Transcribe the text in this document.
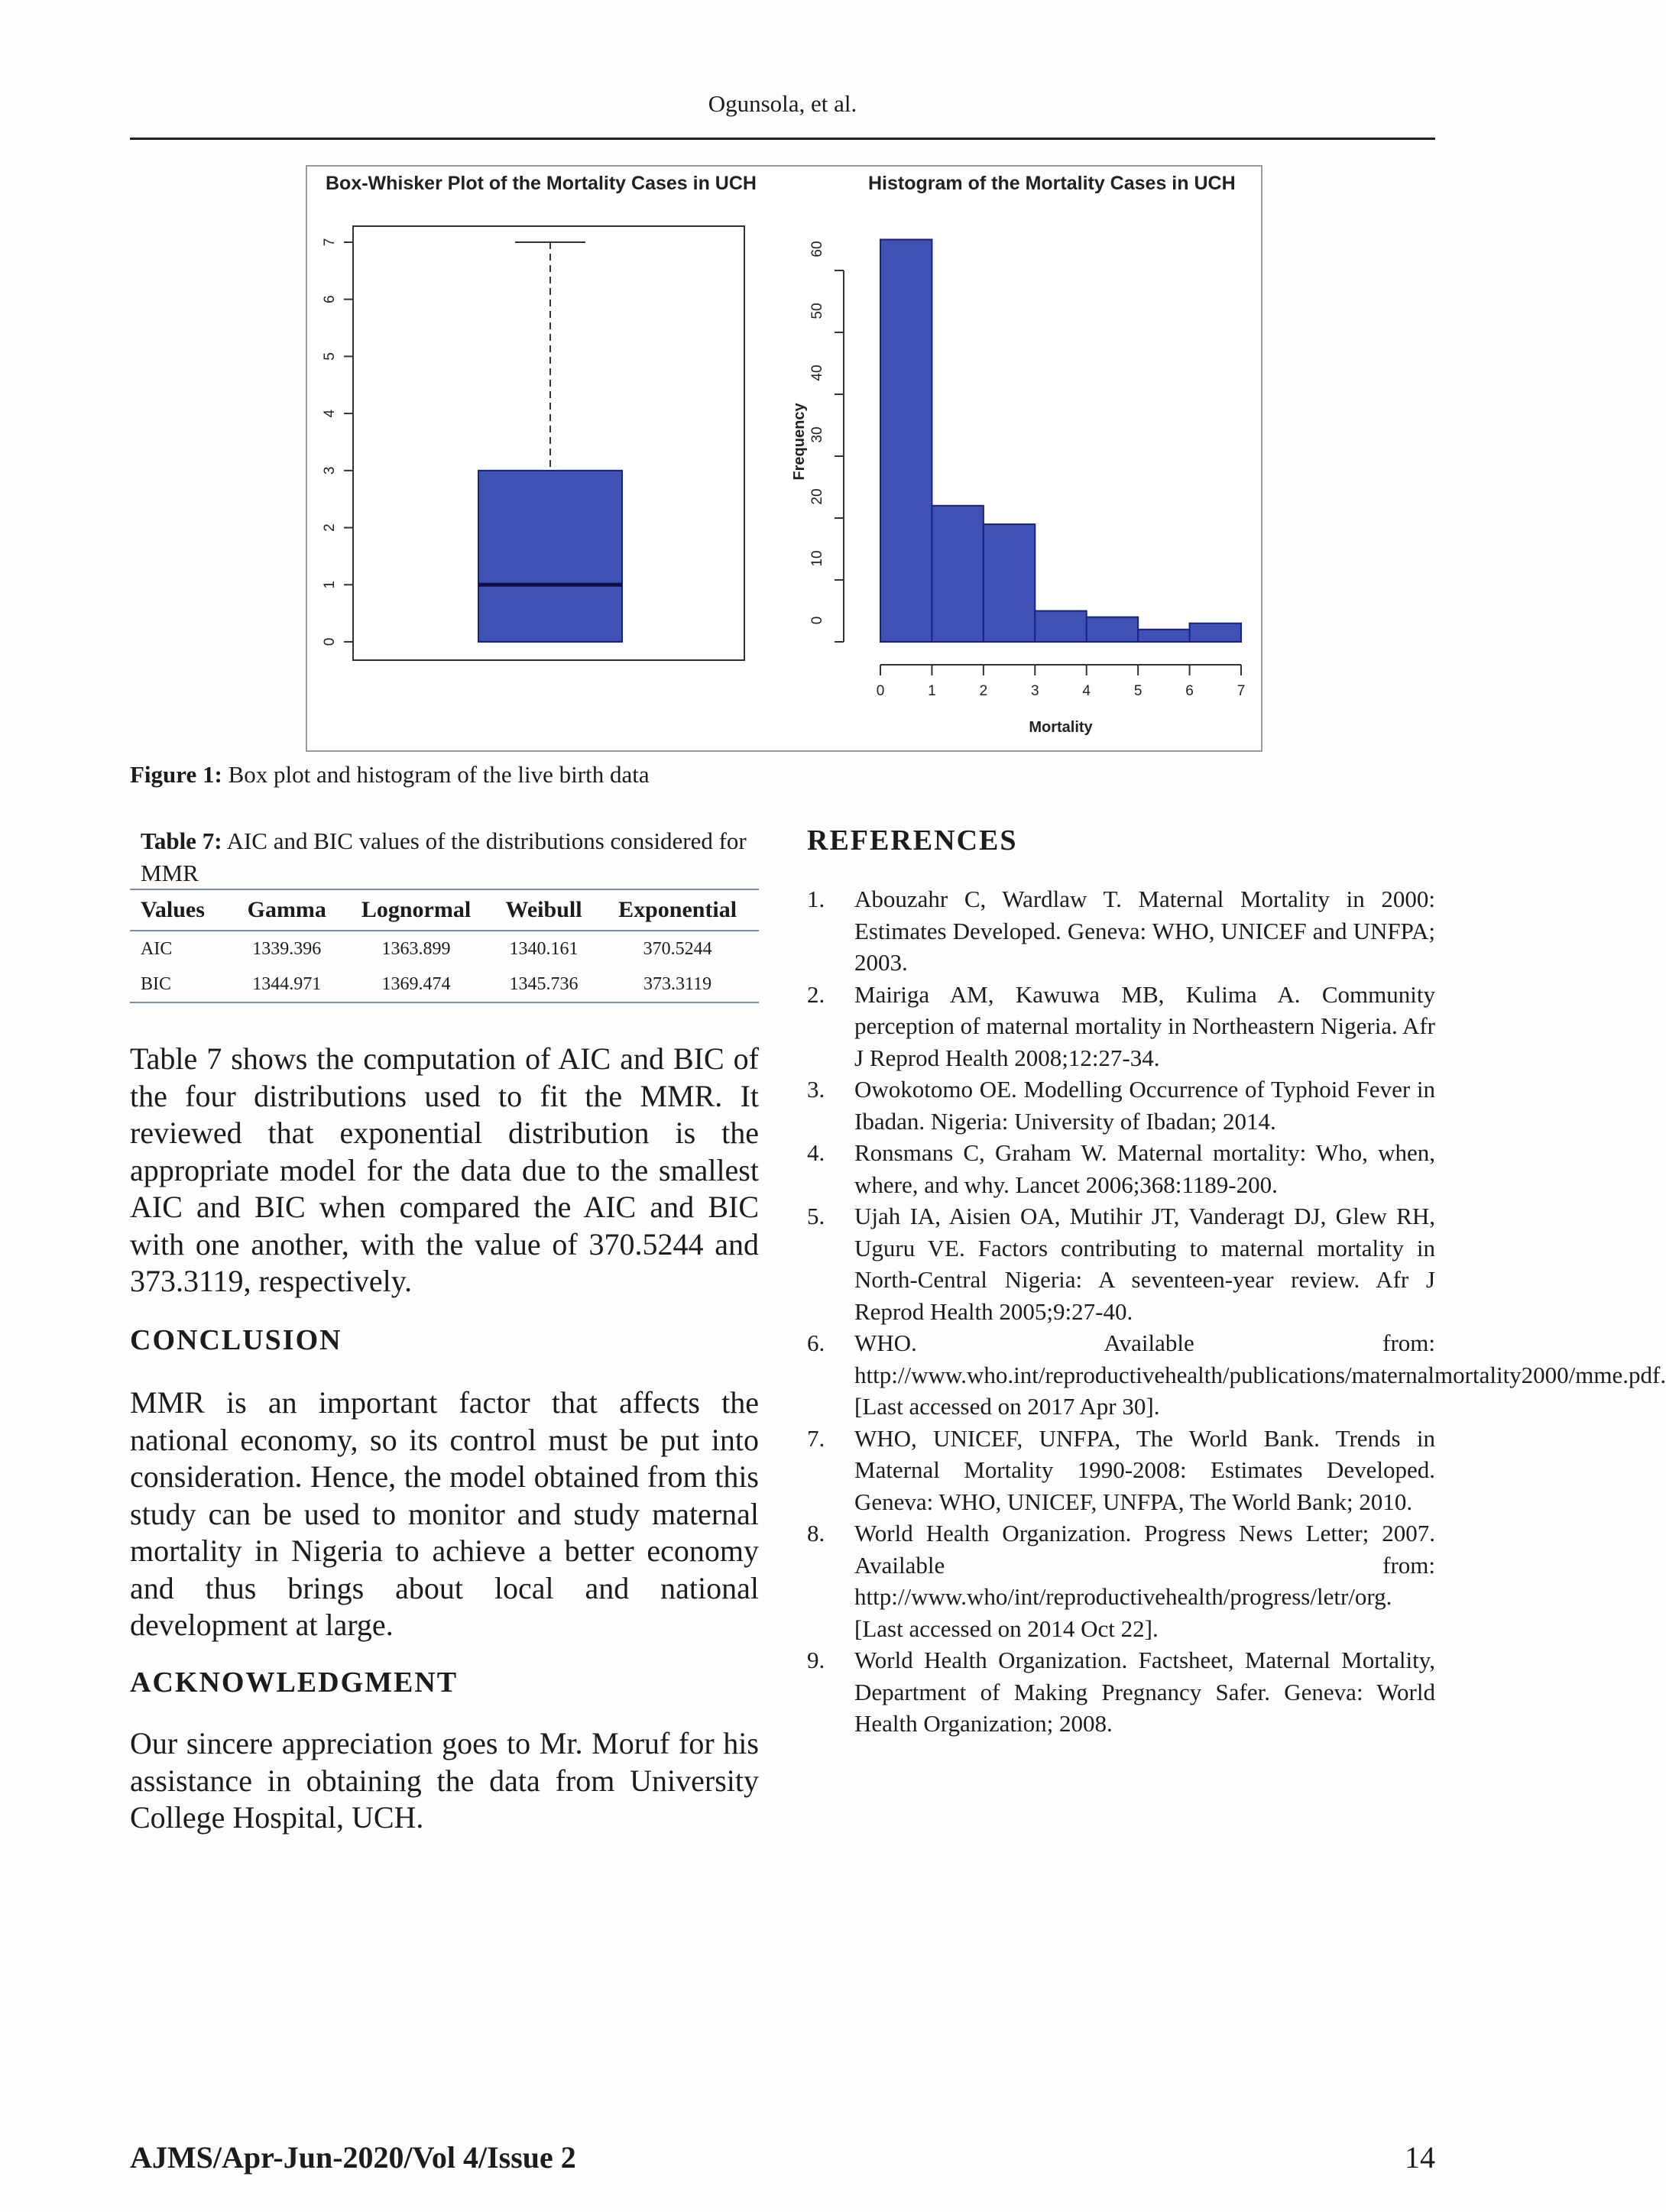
Ogunsola, et al.
Box-Whisker Plot of the Mortality Cases in UCH
0
1
2
3
4
5
6
7
Histogram of the Mortality Cases in UCH
0
10
20
30
40
50
60
Frequency
0	1	2	3	4	5	6	7
Mortality
Figure 1: Box plot and histogram of the live birth data
Table 7: AIC and BIC values of the distributions considered for MMR
Values	Gamma	Lognormal	Weibull	Exponential
AIC	1339.396	1363.899	1340.161	370.5244
BIC	1344.971	1369.474	1345.736	373.3119

Table 7 shows the computation of AIC and BIC of the four distributions used to fit the MMR. It reviewed that exponential distribution is the appropriate model for the data due to the smallest AIC and BIC when compared the AIC and BIC with one another, with the value of 370.5244 and 373.3119, respectively.

CONCLUSION

MMR is an important factor that affects the national economy, so its control must be put into consideration. Hence, the model obtained from this study can be used to monitor and study maternal mortality in Nigeria to achieve a better economy and thus brings about local and national development at large.

ACKNOWLEDGMENT

Our sincere appreciation goes to Mr. Moruf for his assistance in obtaining the data from University College Hospital, UCH.

REFERENCES
1. Abouzahr C, Wardlaw T. Maternal Mortality in 2000: Estimates Developed. Geneva: WHO, UNICEF and UNFPA; 2003.
2. Mairiga AM, Kawuwa MB, Kulima A. Community perception of maternal mortality in Northeastern Nigeria. Afr J Reprod Health 2008;12:27-34.
3. Owokotomo OE. Modelling Occurrence of Typhoid Fever in Ibadan. Nigeria: University of Ibadan; 2014.
4. Ronsmans C, Graham W. Maternal mortality: Who, when, where, and why. Lancet 2006;368:1189-200.
5. Ujah IA, Aisien OA, Mutihir JT, Vanderagt DJ, Glew RH, Uguru VE. Factors contributing to maternal mortality in North-Central Nigeria: A seventeen-year review. Afr J Reprod Health 2005;9:27-40.
6. WHO. Available from: http://www.who.int/reproductivehealth/publications/maternalmortality2000/mme.pdf. [Last accessed on 2017 Apr 30].
7. WHO, UNICEF, UNFPA, The World Bank. Trends in Maternal Mortality 1990-2008: Estimates Developed. Geneva: WHO, UNICEF, UNFPA, The World Bank; 2010.
8. World Health Organization. Progress News Letter; 2007. Available from: http://www.who/int/reproductivehealth/progress/letr/org. [Last accessed on 2014 Oct 22].
9. World Health Organization. Factsheet, Maternal Mortality, Department of Making Pregnancy Safer. Geneva: World Health Organization; 2008.
AJMS/Apr-Jun-2020/Vol 4/Issue 2	14
